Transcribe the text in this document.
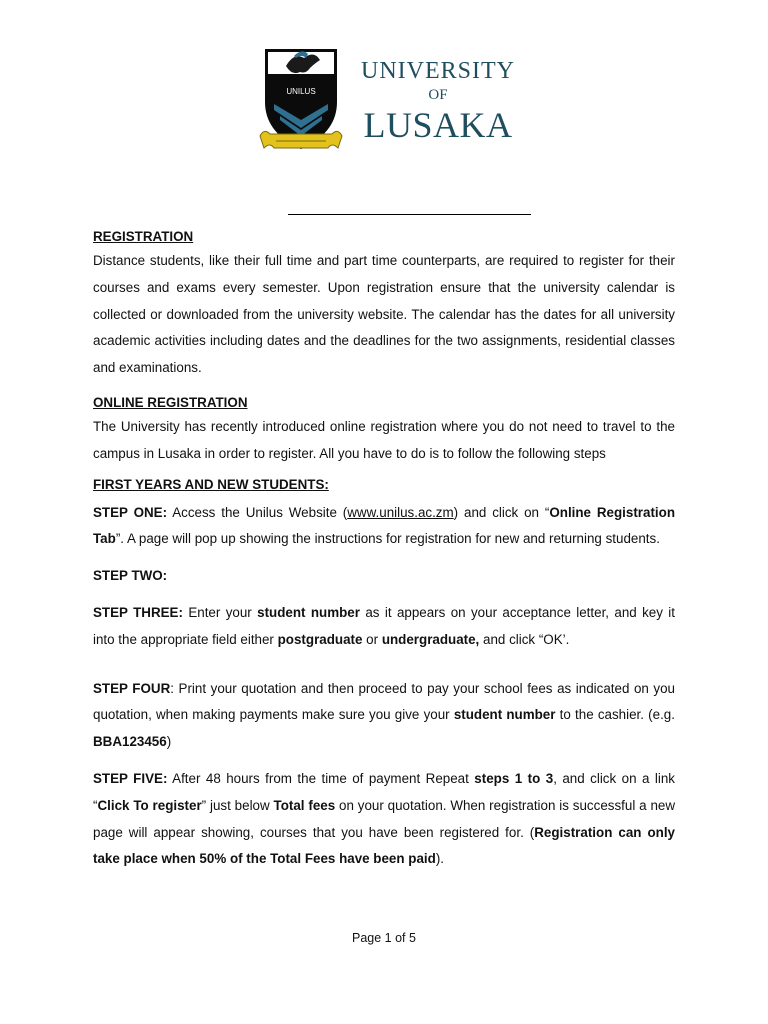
UNILUS
UNIVERSITY
OF
LUSAKA

REGISTRATION

Distance students, like their full time and part time counterparts, are required to register for their courses and exams every semester. Upon registration ensure that the university calendar is collected or downloaded from the university website. The calendar has the dates for all university academic activities including dates and the deadlines for the two assignments, residential classes and examinations.

ONLINE REGISTRATION

The University has recently introduced online registration where you do not need to travel to the campus in Lusaka in order to register. All you have to do is to follow the following steps

FIRST YEARS AND NEW STUDENTS:

STEP ONE: Access the Unilus Website (www.unilus.ac.zm) and click on “Online Registration Tab”. A page will pop up showing the instructions for registration for new and returning students.

STEP TWO:

STEP THREE: Enter your student number as it appears on your acceptance letter, and key it into the appropriate field either postgraduate or undergraduate, and click “OK’.

STEP FOUR: Print your quotation and then proceed to pay your school fees as indicated on you quotation, when making payments make sure you give your student number to the cashier. (e.g. BBA123456)

STEP FIVE: After 48 hours from the time of payment Repeat steps 1 to 3, and click on a link “Click To register” just below Total fees on your quotation. When registration is successful a new page will appear showing, courses that you have been registered for. (Registration can only take place when 50% of the Total Fees have been paid).

Page 1 of 5
